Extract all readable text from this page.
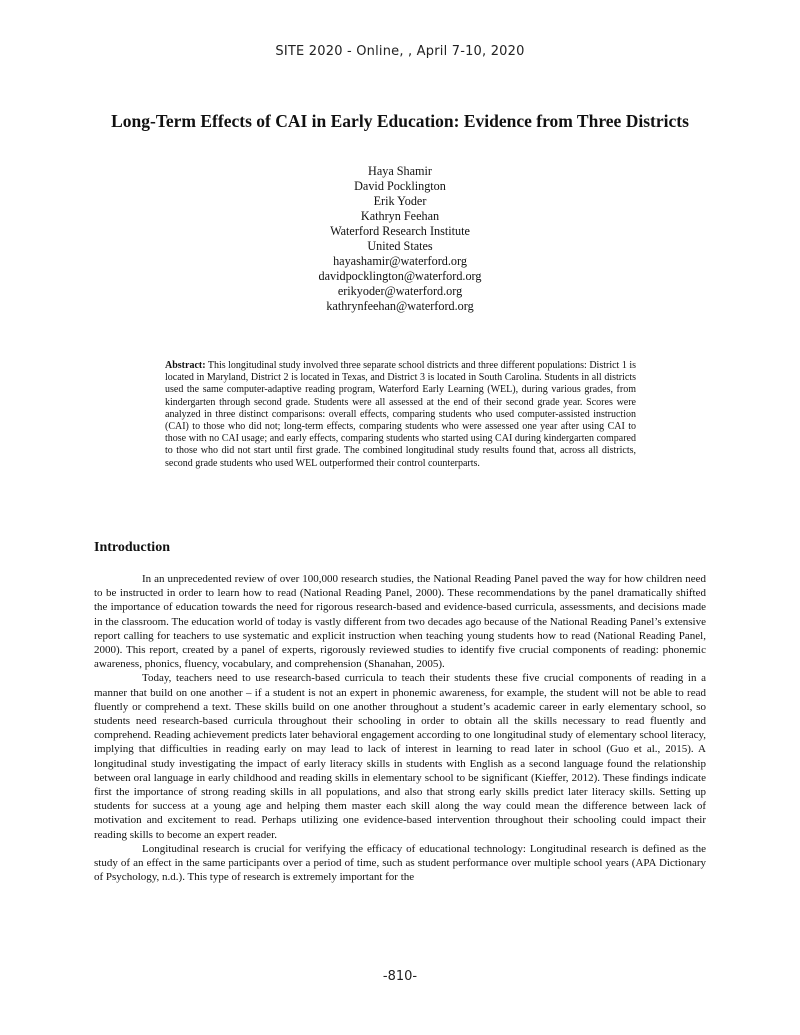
SITE 2020 - Online, , April 7-10, 2020
Long-Term Effects of CAI in Early Education: Evidence from Three Districts
Haya Shamir
David Pocklington
Erik Yoder
Kathryn Feehan
Waterford Research Institute
United States
hayashamir@waterford.org
davidpocklington@waterford.org
erikyoder@waterford.org
kathrynfeehan@waterford.org

Abstract: This longitudinal study involved three separate school districts and three different populations: District 1 is located in Maryland, District 2 is located in Texas, and District 3 is located in South Carolina. Students in all districts used the same computer-adaptive reading program, Waterford Early Learning (WEL), during various grades, from kindergarten through second grade. Students were all assessed at the end of their second grade year. Scores were analyzed in three distinct comparisons: overall effects, comparing students who used computer-assisted instruction (CAI) to those who did not; long-term effects, comparing students who were assessed one year after using CAI to those with no CAI usage; and early effects, comparing students who started using CAI during kindergarten compared to those who did not start until first grade. The combined longitudinal study results found that, across all districts, second grade students who used WEL outperformed their control counterparts.

Introduction

In an unprecedented review of over 100,000 research studies, the National Reading Panel paved the way for how children need to be instructed in order to learn how to read (National Reading Panel, 2000). These recommendations by the panel dramatically shifted the importance of education towards the need for rigorous research-based and evidence-based curricula, assessments, and decisions made in the classroom. The education world of today is vastly different from two decades ago because of the National Reading Panel’s extensive report calling for teachers to use systematic and explicit instruction when teaching young students how to read (National Reading Panel, 2000). This report, created by a panel of experts, rigorously reviewed studies to identify five crucial components of reading: phonemic awareness, phonics, fluency, vocabulary, and comprehension (Shanahan, 2005).

Today, teachers need to use research-based curricula to teach their students these five crucial components of reading in a manner that build on one another – if a student is not an expert in phonemic awareness, for example, the student will not be able to read fluently or comprehend a text. These skills build on one another throughout a student’s academic career in early elementary school, so students need research-based curricula throughout their schooling in order to obtain all the skills necessary to read fluently and comprehend. Reading achievement predicts later behavioral engagement according to one longitudinal study of elementary school literacy, implying that difficulties in reading early on may lead to lack of interest in learning to read later in school (Guo et al., 2015). A longitudinal study investigating the impact of early literacy skills in students with English as a second language found the relationship between oral language in early childhood and reading skills in elementary school to be significant (Kieffer, 2012). These findings indicate first the importance of strong reading skills in all populations, and also that strong early skills predict later literacy skills. Setting up students for success at a young age and helping them master each skill along the way could mean the difference between lack of motivation and excitement to read. Perhaps utilizing one evidence-based intervention throughout their schooling could impact their reading skills to become an expert reader.

Longitudinal research is crucial for verifying the efficacy of educational technology: Longitudinal research is defined as the study of an effect in the same participants over a period of time, such as student performance over multiple school years (APA Dictionary of Psychology, n.d.). This type of research is extremely important for the

-810-
